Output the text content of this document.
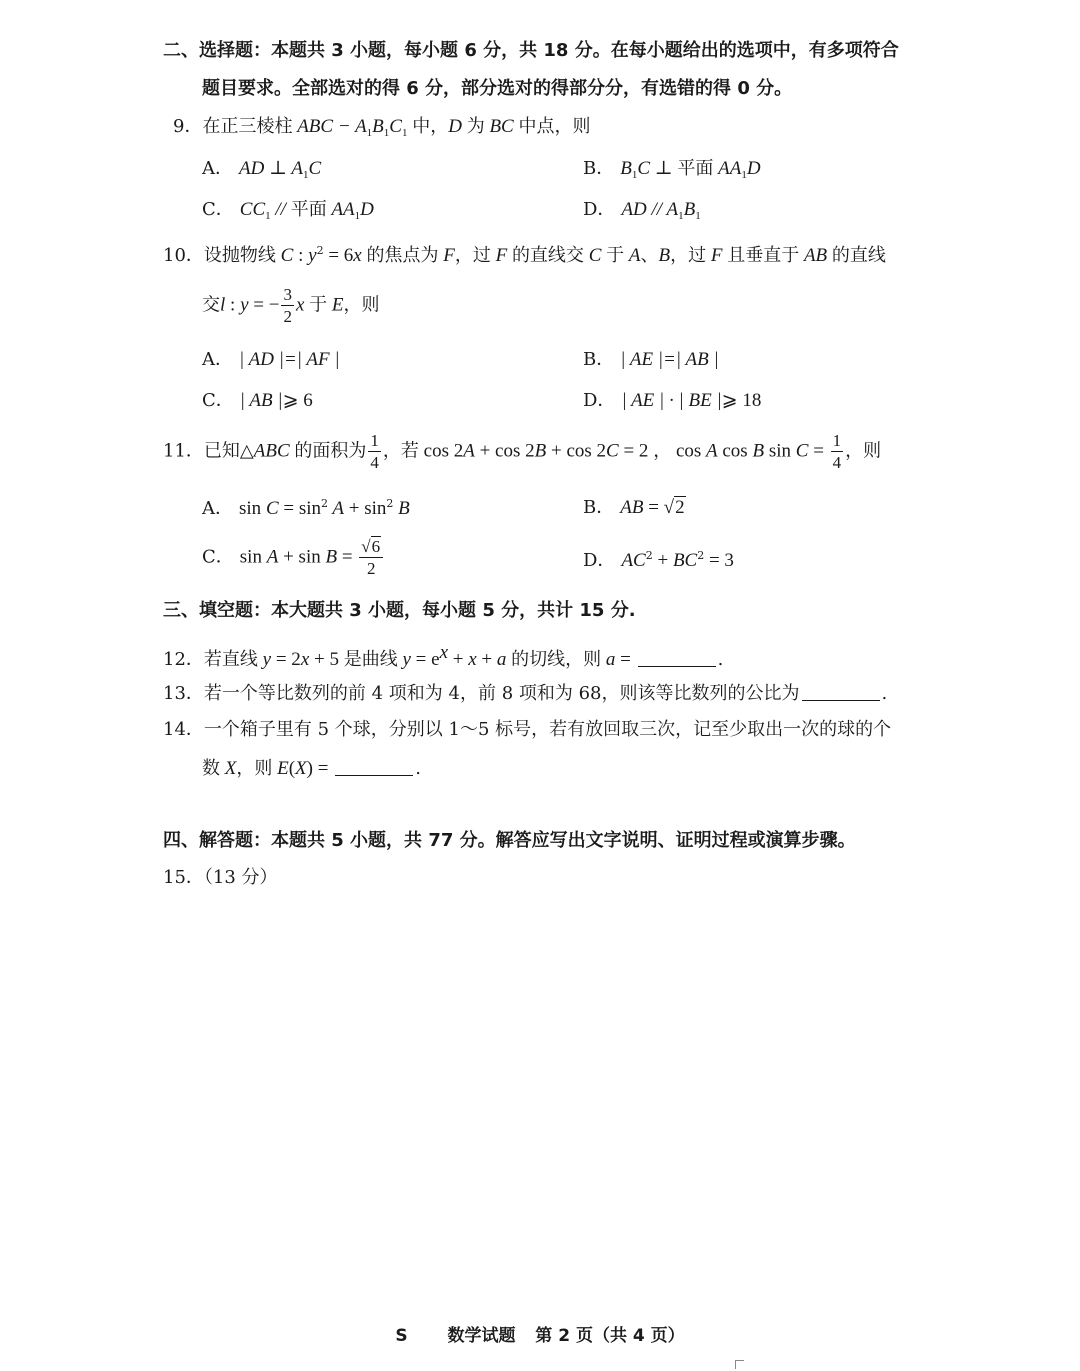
二、选择题：本题共 3 小题，每小题 6 分，共 18 分。在每小题给出的选项中，有多项符合
题目要求。全部选对的得 6 分，部分选对的得部分分，有选错的得 0 分。
9．在正三棱柱 ABC − $A_1B_1C_1$ 中，D 为 BC 中点，则
A． AD ⊥ $A_1C$	B． $B_1C$ ⊥ 平面 $AA_1D$
C． $CC_1$ // 平面 $AA_1D$	D． AD // $A_1B_1$
10．设抛物线 C : $y^2 = 6x$ 的焦点为 F，过 F 的直线交 C 于 A、B，过 F 且垂直于 AB 的直线
交l : y = − $\frac{3}{2}$ x 于 E，则
A． | AD |=| AF |	B． | AE |=| AB |
C． | AB |⩾ 6	D． | AE | · | BE |⩾ 18
11．已知△ABC 的面积为 $\frac{1}{4}$ ，若 cos 2A + cos 2B + cos 2C = 2 ， cos A cos B $\sin C = \frac{1}{4}$ ，则
A． $\sin C = \sin^2 A + \sin^2 B$	B． AB = √2
C． $\sin A + \sin B = \frac{√6}{2}$	D． $AC^2 + BC^2 = 3$
三、填空题：本大题共 3 小题，每小题 5 分，共计 15 分.
12．若直线 y = 2x + 5 是曲线 $y = e^x + x + a$ 的切线，则 a =	.
13．若一个等比数列的前 4 项和为 4，前 8 项和为 68，则该等比数列的公比为	.
14．一个箱子里有 5 个球，分别以 1～5 标号，若有放回取三次，记至少取出一次的球的个
数 X，则 E(X) =	.
四、解答题：本题共 5 小题，共 77 分。解答应写出文字说明、证明过程或演算步骤。
15．（13 分）
S 数学试题 第 2 页（共 4 页）
